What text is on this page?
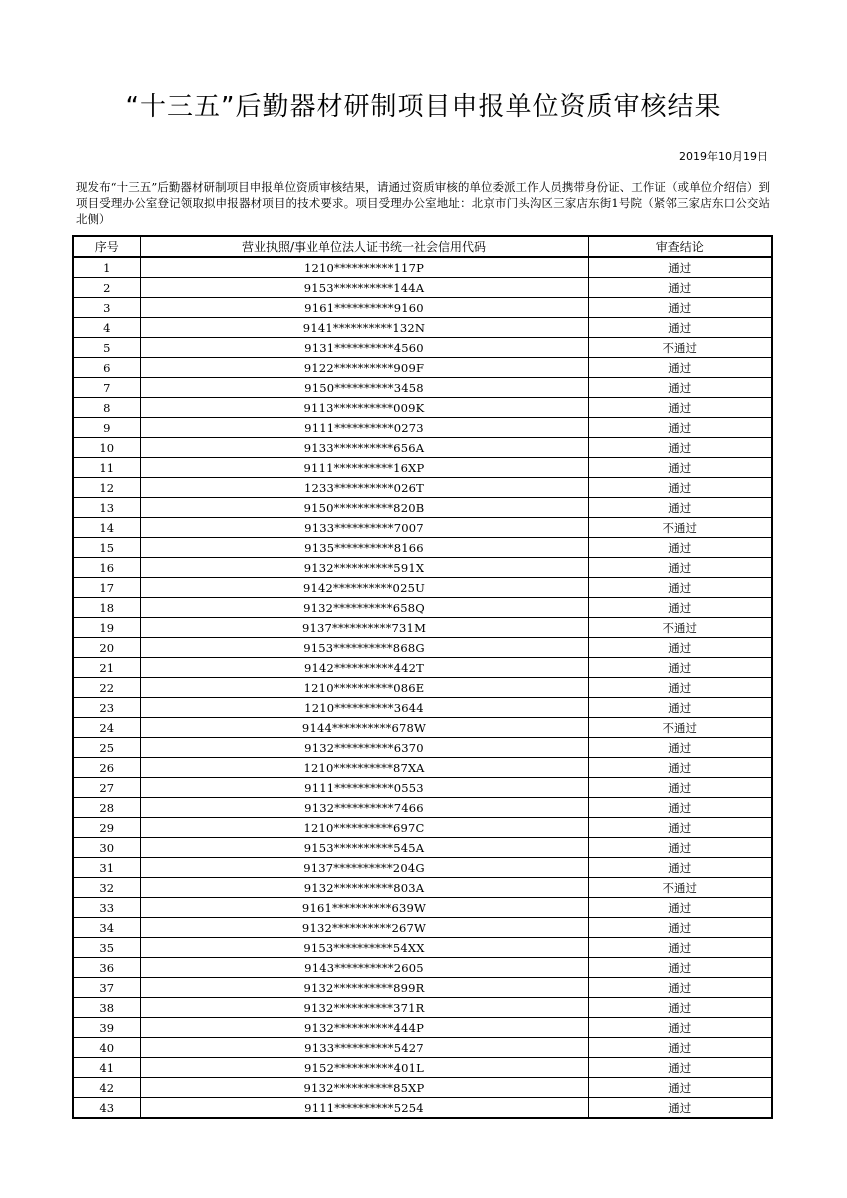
“十三五”后勤器材研制项目申报单位资质审核结果
2019年10月19日
现发布“十三五”后勤器材研制项目申报单位资质审核结果，请通过资质审核的单位委派工作人员携带身份证、工作证（或单位介绍信）到项目受理办公室登记领取拟申报器材项目的技术要求。项目受理办公室地址：北京市门头沟区三家店东街1号院（紧邻三家店东口公交站北侧）
序号	营业执照/事业单位法人证书统一社会信用代码	审查结论
1	1210**********117P	通过
2	9153**********144A	通过
3	9161**********9160	通过
4	9141**********132N	通过
5	9131**********4560	不通过
6	9122**********909F	通过
7	9150**********3458	通过
8	9113**********009K	通过
9	9111**********0273	通过
10	9133**********656A	通过
11	9111**********16XP	通过
12	1233**********026T	通过
13	9150**********820B	通过
14	9133**********7007	不通过
15	9135**********8166	通过
16	9132**********591X	通过
17	9142**********025U	通过
18	9132**********658Q	通过
19	9137**********731M	不通过
20	9153**********868G	通过
21	9142**********442T	通过
22	1210**********086E	通过
23	1210**********3644	通过
24	9144**********678W	不通过
25	9132**********6370	通过
26	1210**********87XA	通过
27	9111**********0553	通过
28	9132**********7466	通过
29	1210**********697C	通过
30	9153**********545A	通过
31	9137**********204G	通过
32	9132**********803A	不通过
33	9161**********639W	通过
34	9132**********267W	通过
35	9153**********54XX	通过
36	9143**********2605	通过
37	9132**********899R	通过
38	9132**********371R	通过
39	9132**********444P	通过
40	9133**********5427	通过
41	9152**********401L	通过
42	9132**********85XP	通过
43	9111**********5254	通过
